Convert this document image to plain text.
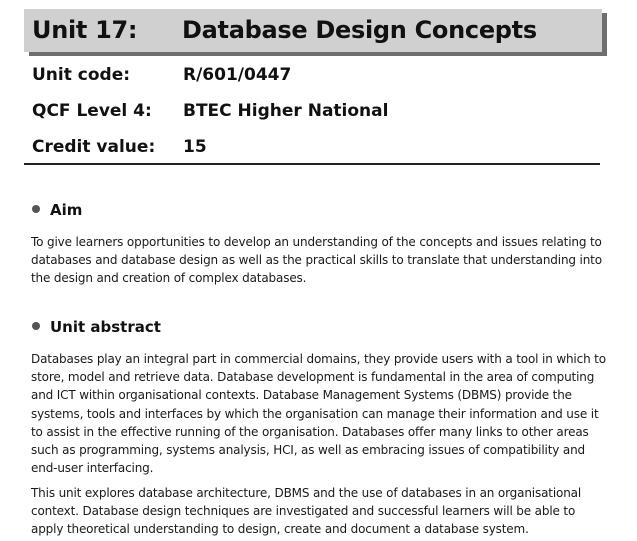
Unit 17: Database Design Concepts
Unit code:	R/601/0447
QCF Level 4: BTEC Higher National
Credit value: 15
Aim

To give learners opportunities to develop an understanding of the concepts and issues relating to databases and database design as well as the practical skills to translate that understanding into the design and creation of complex databases.

Unit abstract

Databases play an integral part in commercial domains, they provide users with a tool in which to store, model and retrieve data. Database development is fundamental in the area of computing and ICT within organisational contexts. Database Management Systems (DBMS) provide the systems, tools and interfaces by which the organisation can manage their information and use it to assist in the effective running of the organisation. Databases offer many links to other areas such as programming, systems analysis, HCI, as well as embracing issues of compatibility and end-user interfacing.

This unit explores database architecture, DBMS and the use of databases in an organisational context. Database design techniques are investigated and successful learners will be able to apply theoretical understanding to design, create and document a database system.
